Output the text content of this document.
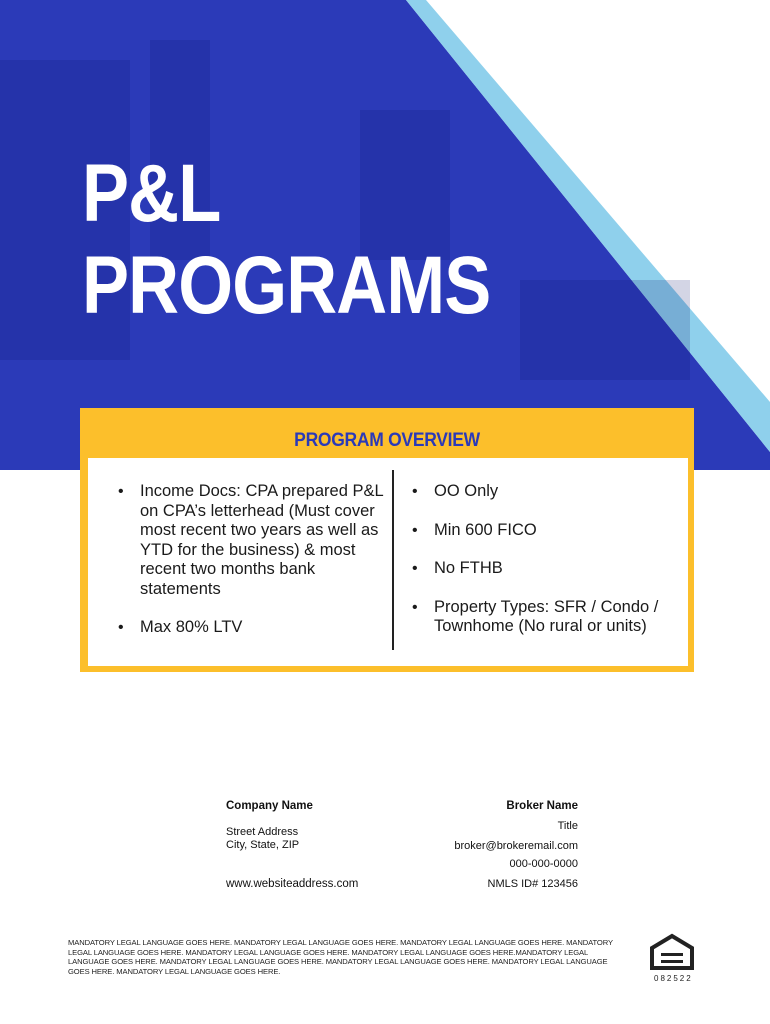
P&L
PROGRAMS
PROGRAM OVERVIEW
• Income Docs: CPA prepared P&L on CPA’s letterhead (Must cover most recent two years as well as YTD for the business) & most recent two months bank statements
• Max 80% LTV
• OO Only
• Min 600 FICO
• No FTHB
• Property Types: SFR / Condo / Townhome (No rural or units)
Company Name
Street Address
City, State, ZIP
www.websiteaddress.com
Broker Name
Title
broker@brokeremail.com
000-000-0000
NMLS ID# 123456
MANDATORY LEGAL LANGUAGE GOES HERE. MANDATORY LEGAL LANGUAGE GOES HERE. MANDATORY LEGAL LANGUAGE GOES HERE. MANDATORY LEGAL LANGUAGE GOES HERE. MANDATORY LEGAL LANGUAGE GOES HERE. MANDATORY LEGAL LANGUAGE GOES HERE.MANDATORY LEGAL LANGUAGE GOES HERE. MANDATORY LEGAL LANGUAGE GOES HERE. MANDATORY LEGAL LANGUAGE GOES HERE. MANDATORY LEGAL LANGUAGE GOES HERE. MANDATORY LEGAL LANGUAGE GOES HERE.
082522
